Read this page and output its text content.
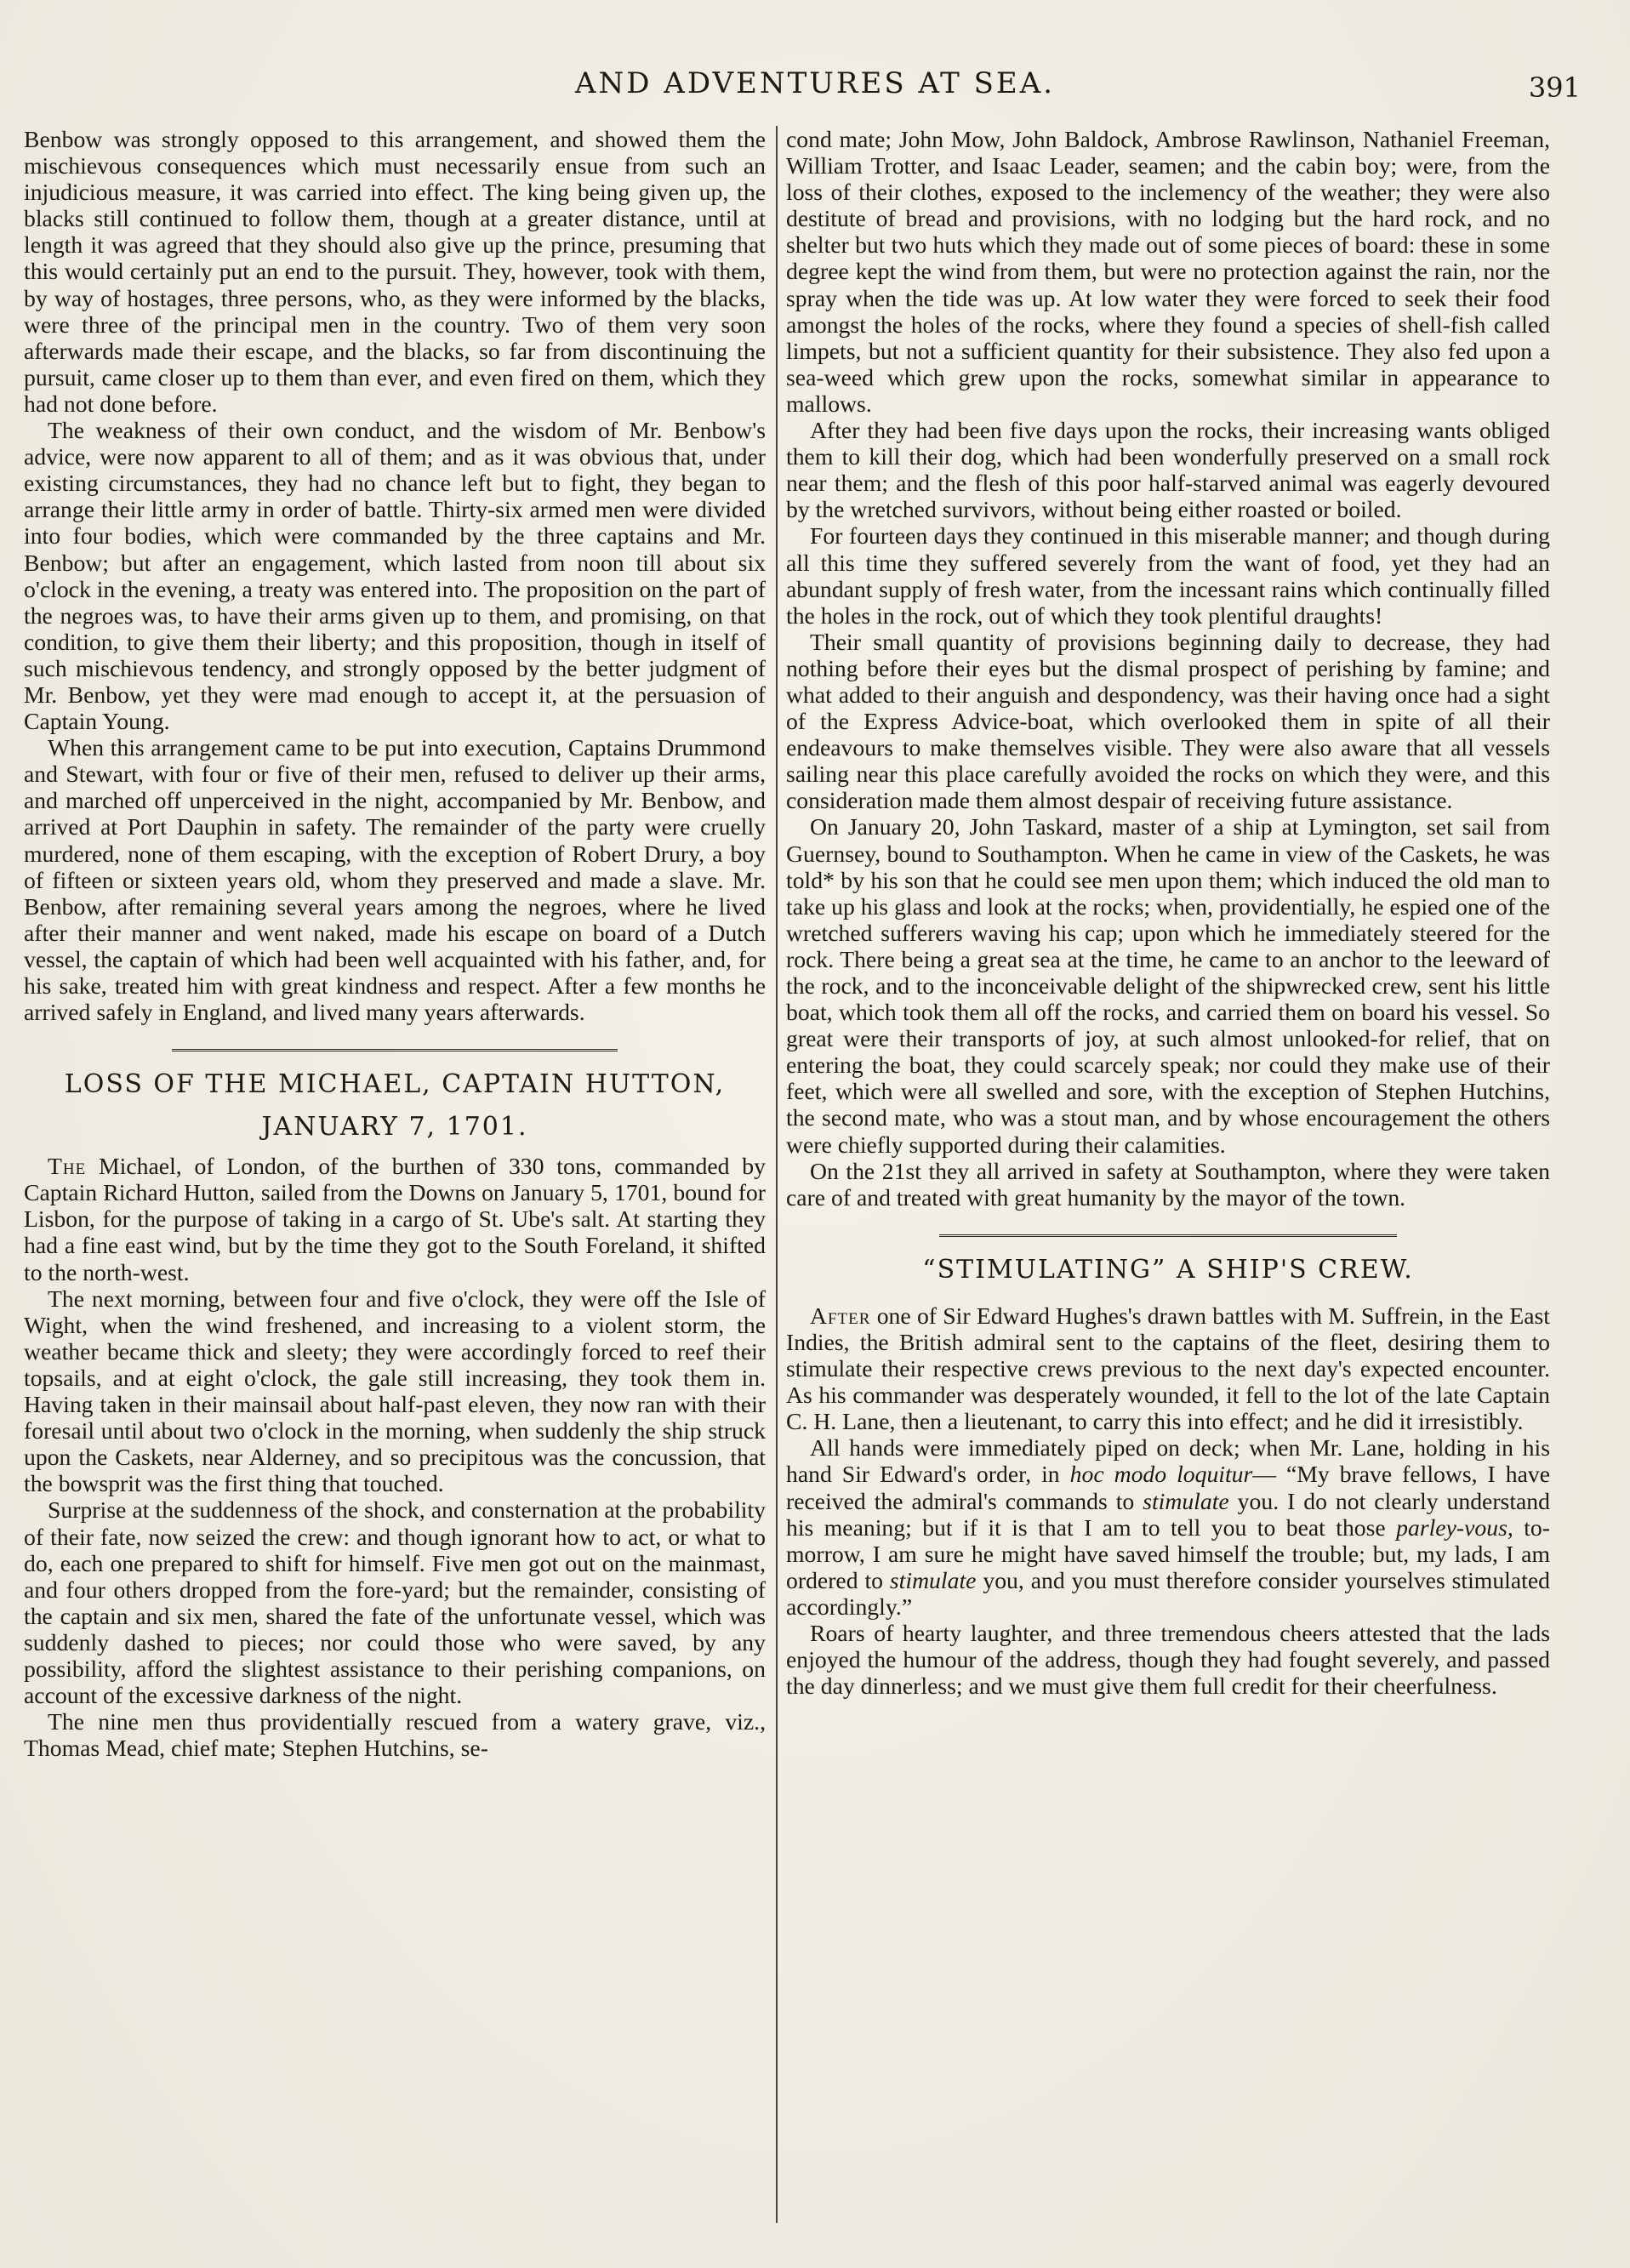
AND ADVENTURES AT SEA.	391

Benbow was strongly opposed to this arrangement, and showed them the mischievous consequences which must necessarily ensue from such an injudicious measure, it was carried into effect. The king being given up, the blacks still continued to follow them, though at a greater distance, until at length it was agreed that they should also give up the prince, presuming that this would certainly put an end to the pursuit. They, however, took with them, by way of hostages, three persons, who, as they were informed by the blacks, were three of the principal men in the country. Two of them very soon afterwards made their escape, and the blacks, so far from discontinuing the pursuit, came closer up to them than ever, and even fired on them, which they had not done before.

The weakness of their own conduct, and the wisdom of Mr. Benbow's advice, were now apparent to all of them; and as it was obvious that, under existing circumstances, they had no chance left but to fight, they began to arrange their little army in order of battle. Thirty-six armed men were divided into four bodies, which were commanded by the three captains and Mr. Benbow; but after an engagement, which lasted from noon till about six o'clock in the evening, a treaty was entered into. The proposition on the part of the negroes was, to have their arms given up to them, and promising, on that condition, to give them their liberty; and this proposition, though in itself of such mischievous tendency, and strongly opposed by the better judgment of Mr. Benbow, yet they were mad enough to accept it, at the persuasion of Captain Young.

When this arrangement came to be put into execution, Captains Drummond and Stewart, with four or five of their men, refused to deliver up their arms, and marched off unperceived in the night, accompanied by Mr. Benbow, and arrived at Port Dauphin in safety. The remainder of the party were cruelly murdered, none of them escaping, with the exception of Robert Drury, a boy of fifteen or sixteen years old, whom they preserved and made a slave. Mr. Benbow, after remaining several years among the negroes, where he lived after their manner and went naked, made his escape on board of a Dutch vessel, the captain of which had been well acquainted with his father, and, for his sake, treated him with great kindness and respect. After a few months he arrived safely in England, and lived many years afterwards.

LOSS OF THE MICHAEL, CAPTAIN HUTTON,
JANUARY 7, 1701.

The Michael, of London, of the burthen of 330 tons, commanded by Captain Richard Hutton, sailed from the Downs on January 5, 1701, bound for Lisbon, for the purpose of taking in a cargo of St. Ube's salt. At starting they had a fine east wind, but by the time they got to the South Foreland, it shifted to the north-west.

The next morning, between four and five o'clock, they were off the Isle of Wight, when the wind freshened, and increasing to a violent storm, the weather became thick and sleety; they were accordingly forced to reef their topsails, and at eight o'clock, the gale still increasing, they took them in. Having taken in their mainsail about half-past eleven, they now ran with their foresail until about two o'clock in the morning, when suddenly the ship struck upon the Caskets, near Alderney, and so precipitous was the concussion, that the bowsprit was the first thing that touched.

Surprise at the suddenness of the shock, and consternation at the probability of their fate, now seized the crew: and though ignorant how to act, or what to do, each one prepared to shift for himself. Five men got out on the mainmast, and four others dropped from the fore-yard; but the remainder, consisting of the captain and six men, shared the fate of the unfortunate vessel, which was suddenly dashed to pieces; nor could those who were saved, by any possibility, afford the slightest assistance to their perishing companions, on account of the excessive darkness of the night.

The nine men thus providentially rescued from a watery grave, viz., Thomas Mead, chief mate; Stephen Hutchins, se-

cond mate; John Mow, John Baldock, Ambrose Rawlinson, Nathaniel Freeman, William Trotter, and Isaac Leader, seamen; and the cabin boy; were, from the loss of their clothes, exposed to the inclemency of the weather; they were also destitute of bread and provisions, with no lodging but the hard rock, and no shelter but two huts which they made out of some pieces of board: these in some degree kept the wind from them, but were no protection against the rain, nor the spray when the tide was up. At low water they were forced to seek their food amongst the holes of the rocks, where they found a species of shell-fish called limpets, but not a sufficient quantity for their subsistence. They also fed upon a sea-weed which grew upon the rocks, somewhat similar in appearance to mallows.

After they had been five days upon the rocks, their increasing wants obliged them to kill their dog, which had been wonderfully preserved on a small rock near them; and the flesh of this poor half-starved animal was eagerly devoured by the wretched survivors, without being either roasted or boiled.

For fourteen days they continued in this miserable manner; and though during all this time they suffered severely from the want of food, yet they had an abundant supply of fresh water, from the incessant rains which continually filled the holes in the rock, out of which they took plentiful draughts!

Their small quantity of provisions beginning daily to decrease, they had nothing before their eyes but the dismal prospect of perishing by famine; and what added to their anguish and despondency, was their having once had a sight of the Express Advice-boat, which overlooked them in spite of all their endeavours to make themselves visible. They were also aware that all vessels sailing near this place carefully avoided the rocks on which they were, and this consideration made them almost despair of receiving future assistance.

On January 20, John Taskard, master of a ship at Lymington, set sail from Guernsey, bound to Southampton. When he came in view of the Caskets, he was told* by his son that he could see men upon them; which induced the old man to take up his glass and look at the rocks; when, providentially, he espied one of the wretched sufferers waving his cap; upon which he immediately steered for the rock. There being a great sea at the time, he came to an anchor to the leeward of the rock, and to the inconceivable delight of the shipwrecked crew, sent his little boat, which took them all off the rocks, and carried them on board his vessel. So great were their transports of joy, at such almost unlooked-for relief, that on entering the boat, they could scarcely speak; nor could they make use of their feet, which were all swelled and sore, with the exception of Stephen Hutchins, the second mate, who was a stout man, and by whose encouragement the others were chiefly supported during their calamities.

On the 21st they all arrived in safety at Southampton, where they were taken care of and treated with great humanity by the mayor of the town.

“STIMULATING” A SHIP'S CREW.

After one of Sir Edward Hughes's drawn battles with M. Suffrein, in the East Indies, the British admiral sent to the captains of the fleet, desiring them to stimulate their respective crews previous to the next day's expected encounter. As his commander was desperately wounded, it fell to the lot of the late Captain C. H. Lane, then a lieutenant, to carry this into effect; and he did it irresistibly.

All hands were immediately piped on deck; when Mr. Lane, holding in his hand Sir Edward's order, in hoc modo loquitur— “My brave fellows, I have received the admiral's commands to stimulate you. I do not clearly understand his meaning; but if it is that I am to tell you to beat those parley-vous, to-morrow, I am sure he might have saved himself the trouble; but, my lads, I am ordered to stimulate you, and you must therefore consider yourselves stimulated accordingly.”

Roars of hearty laughter, and three tremendous cheers attested that the lads enjoyed the humour of the address, though they had fought severely, and passed the day dinnerless; and we must give them full credit for their cheerfulness.
